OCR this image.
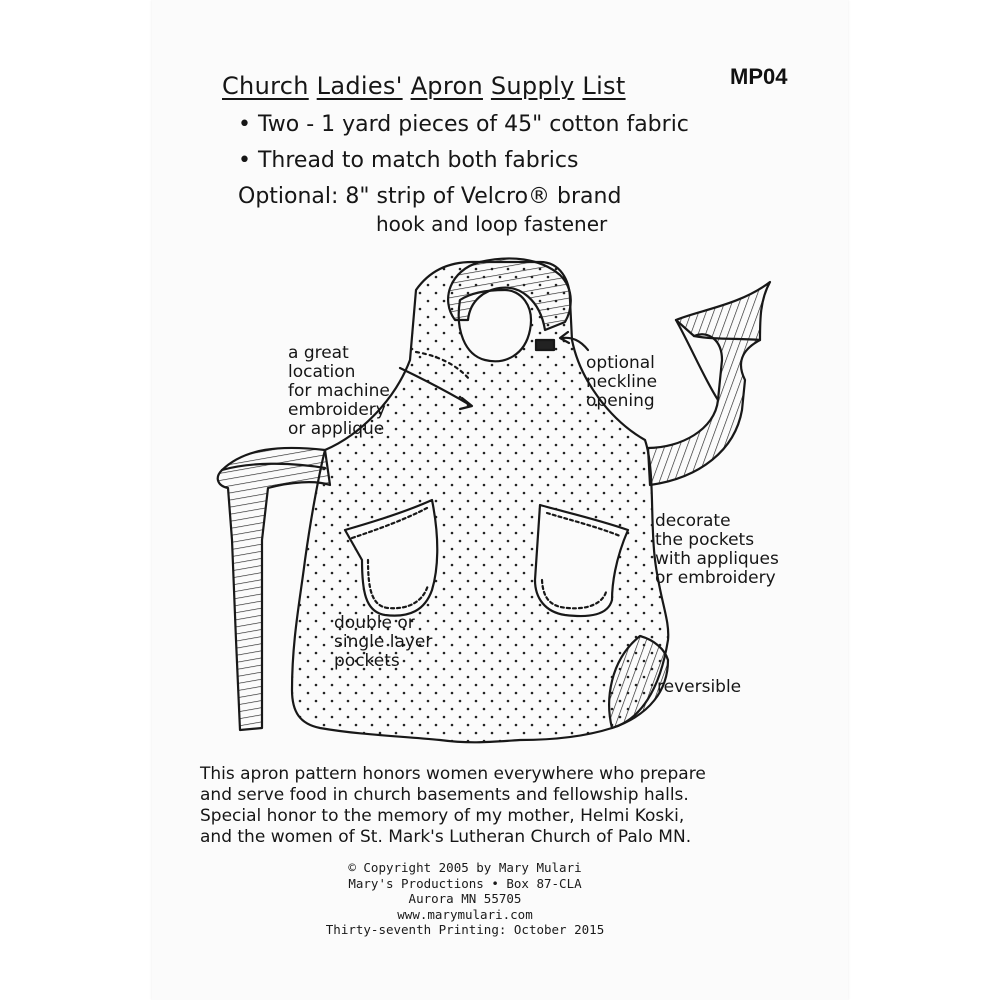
Church Ladies' Apron Supply List	MP04
• Two - 1 yard pieces of 45" cotton fabric
• Thread to match both fabrics
Optional: 8" strip of Velcro® brand
hook and loop fastener
a great
location
for machine
embroidery
or applique
optional
neckline
opening
decorate
the pockets
with appliques
or embroidery
double or
single layer
pockets
reversible
This apron pattern honors women everywhere who prepare
and serve food in church basements and fellowship halls.
Special honor to the memory of my mother, Helmi Koski,
and the women of St. Mark's Lutheran Church of Palo MN.
© Copyright 2005 by Mary Mulari
Mary's Productions • Box 87-CLA
Aurora MN 55705
www.marymulari.com
Thirty-seventh Printing: October 2015
